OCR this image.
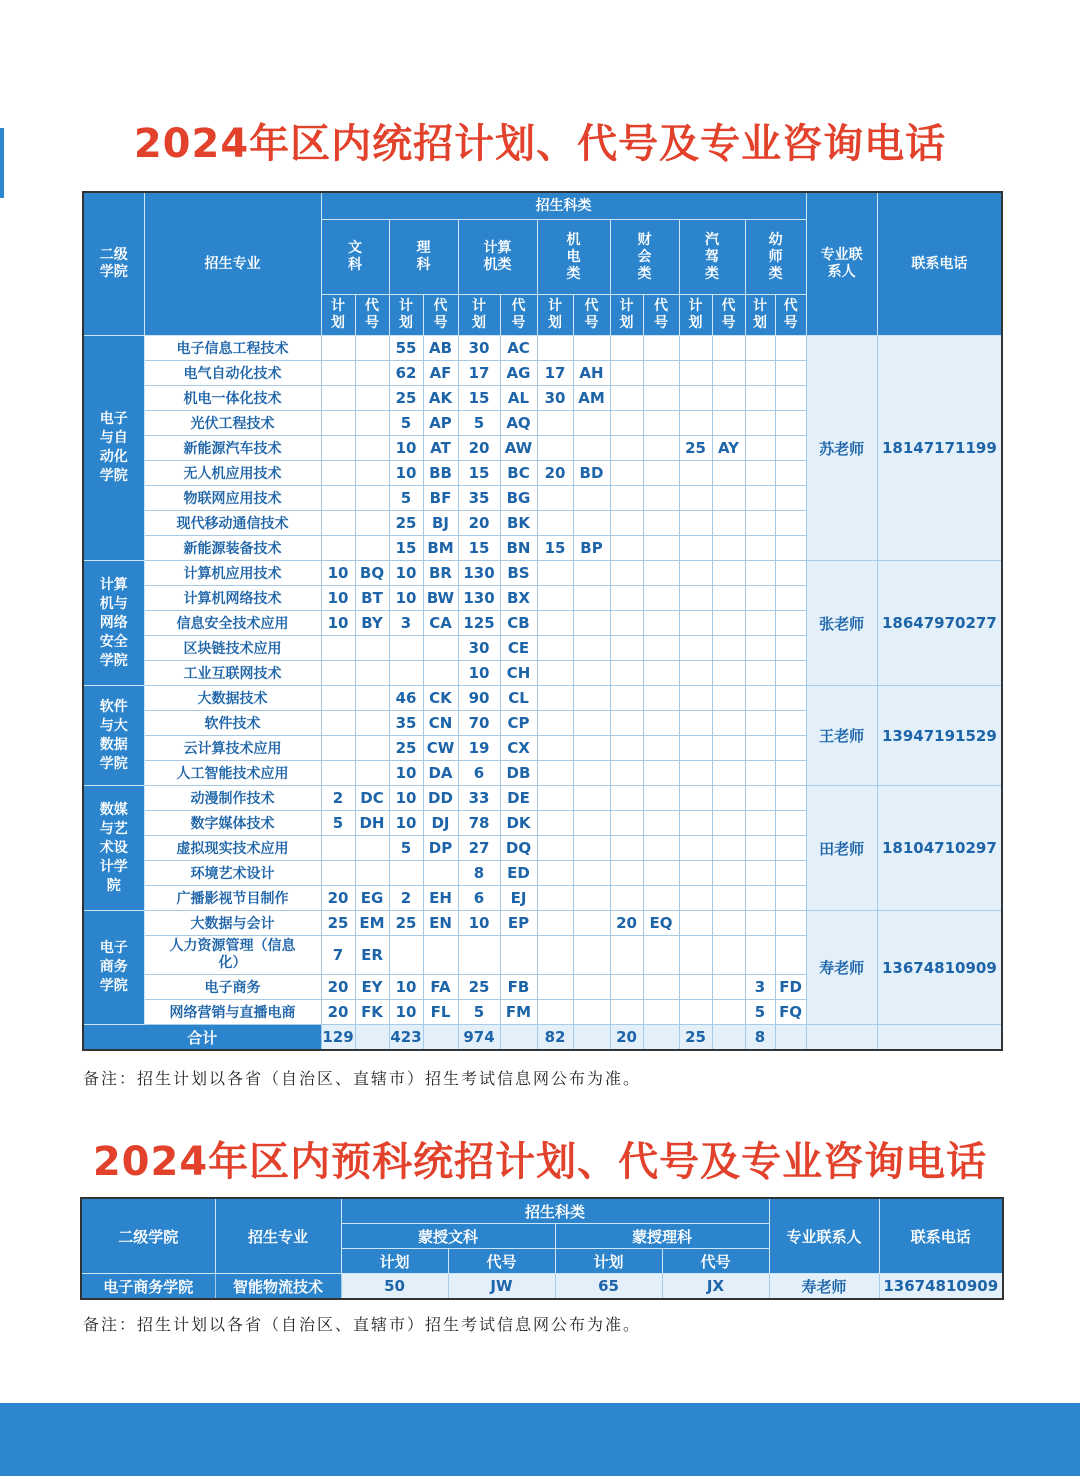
2024年区内统招计划、代号及专业咨询电话
二级学院	招生专业	招生科类														专业联系人	联系电话
		文科		理科		计算机类		机电类		财会类		汽驾类		幼师类			
		计划	代号	计划	代号	计划	代号	计划	代号	计划	代号	计划	代号	计划	代号		
电子与自动化学院	电子信息工程技术			55	AB	30	AC									苏老师	18147171199
	电气自动化技术			62	AF	17	AG	17	AH								
	机电一体化技术			25	AK	15	AL	30	AM								
	光伏工程技术			5	AP	5	AQ										
	新能源汽车技术			10	AT	20	AW					25	AY				
	无人机应用技术			10	BB	15	BC	20	BD								
	物联网应用技术			5	BF	35	BG										
	现代移动通信技术			25	BJ	20	BK										
	新能源装备技术			15	BM	15	BN	15	BP								
计算机与网络安全学院	计算机应用技术	10	BQ	10	BR	130	BS									张老师	18647970277
	计算机网络技术	10	BT	10	BW	130	BX										
	信息安全技术应用	10	BY	3	CA	125	CB										
	区块链技术应用					30	CE										
	工业互联网技术					10	CH										
软件与大数据学院	大数据技术			46	CK	90	CL									王老师	13947191529
	软件技术			35	CN	70	CP										
	云计算技术应用			25	CW	19	CX										
	人工智能技术应用			10	DA	6	DB										
数媒与艺术设计学院	动漫制作技术	2	DC	10	DD	33	DE									田老师	18104710297
	数字媒体技术	5	DH	10	DJ	78	DK										
	虚拟现实技术应用			5	DP	27	DQ										
	环境艺术设计					8	ED										
	广播影视节目制作	20	EG	2	EH	6	EJ										
电子商务学院	大数据与会计	25	EM	25	EN	10	EP			20	EQ					寿老师	13674810909
	人力资源管理（信息化）	7	ER														
	电子商务	20	EY	10	FA	25	FB							3	FD		
	网络营销与直播电商	20	FK	10	FL	5	FM							5	FQ		
合计		129		423		974		82		20		25		8			
备注：招生计划以各省（自治区、直辖市）招生考试信息网公布为准。
2024年区内预科统招计划、代号及专业咨询电话
二级学院	招生专业	招生科类				专业联系人	联系电话
		蒙授文科		蒙授理科			
		计划	代号	计划	代号		
电子商务学院	智能物流技术	50	JW	65	JX	寿老师	13674810909
备注：招生计划以各省（自治区、直辖市）招生考试信息网公布为准。
